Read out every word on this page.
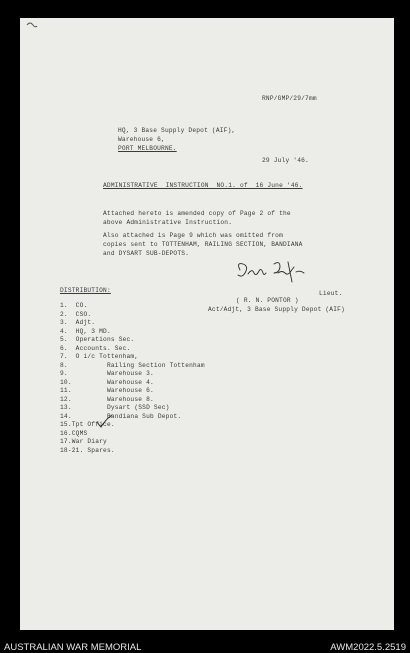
RNP/GMP/29/7mm
HQ, 3 Base Supply Depot (AIF),
Warehouse 6,
PORT MELBOURNE.
29 July '46.
ADMINISTRATIVE  INSTRUCTION  NO.1. of  16 June '46.
Attached hereto is amended copy of Page 2 of the
above Administrative Instruction.
Also attached is Page 9 which was omitted from
copies sent to TOTTENHAM, RAILING SECTION, BANDIANA
and DYSART SUB-DEPOTS.
Lieut.
( R. N. PONTOR )
Act/Adjt, 3 Base Supply Depot (AIF)
DISTRIBUTION:
1.  CO.
2.  CSO.
3.  Adjt.
4.  HQ, 3 MD.
5.  Operations Sec.
6.  Accounts. Sec.
7.  O i/c Tottenham,
8.          Railing Section Tottenham
9.          Warehouse 3.
10.         Warehouse 4.
11.         Warehouse 6.
12.         Warehouse 8.
13.         Dysart (SSD Sec)
14.         Bandiana Sub Depot.
15.Tpt Office.
16.CQMS
17.War Diary
18-21. Spares.
AUSTRALIAN WAR MEMORIAL	AWM2022.5.2519
